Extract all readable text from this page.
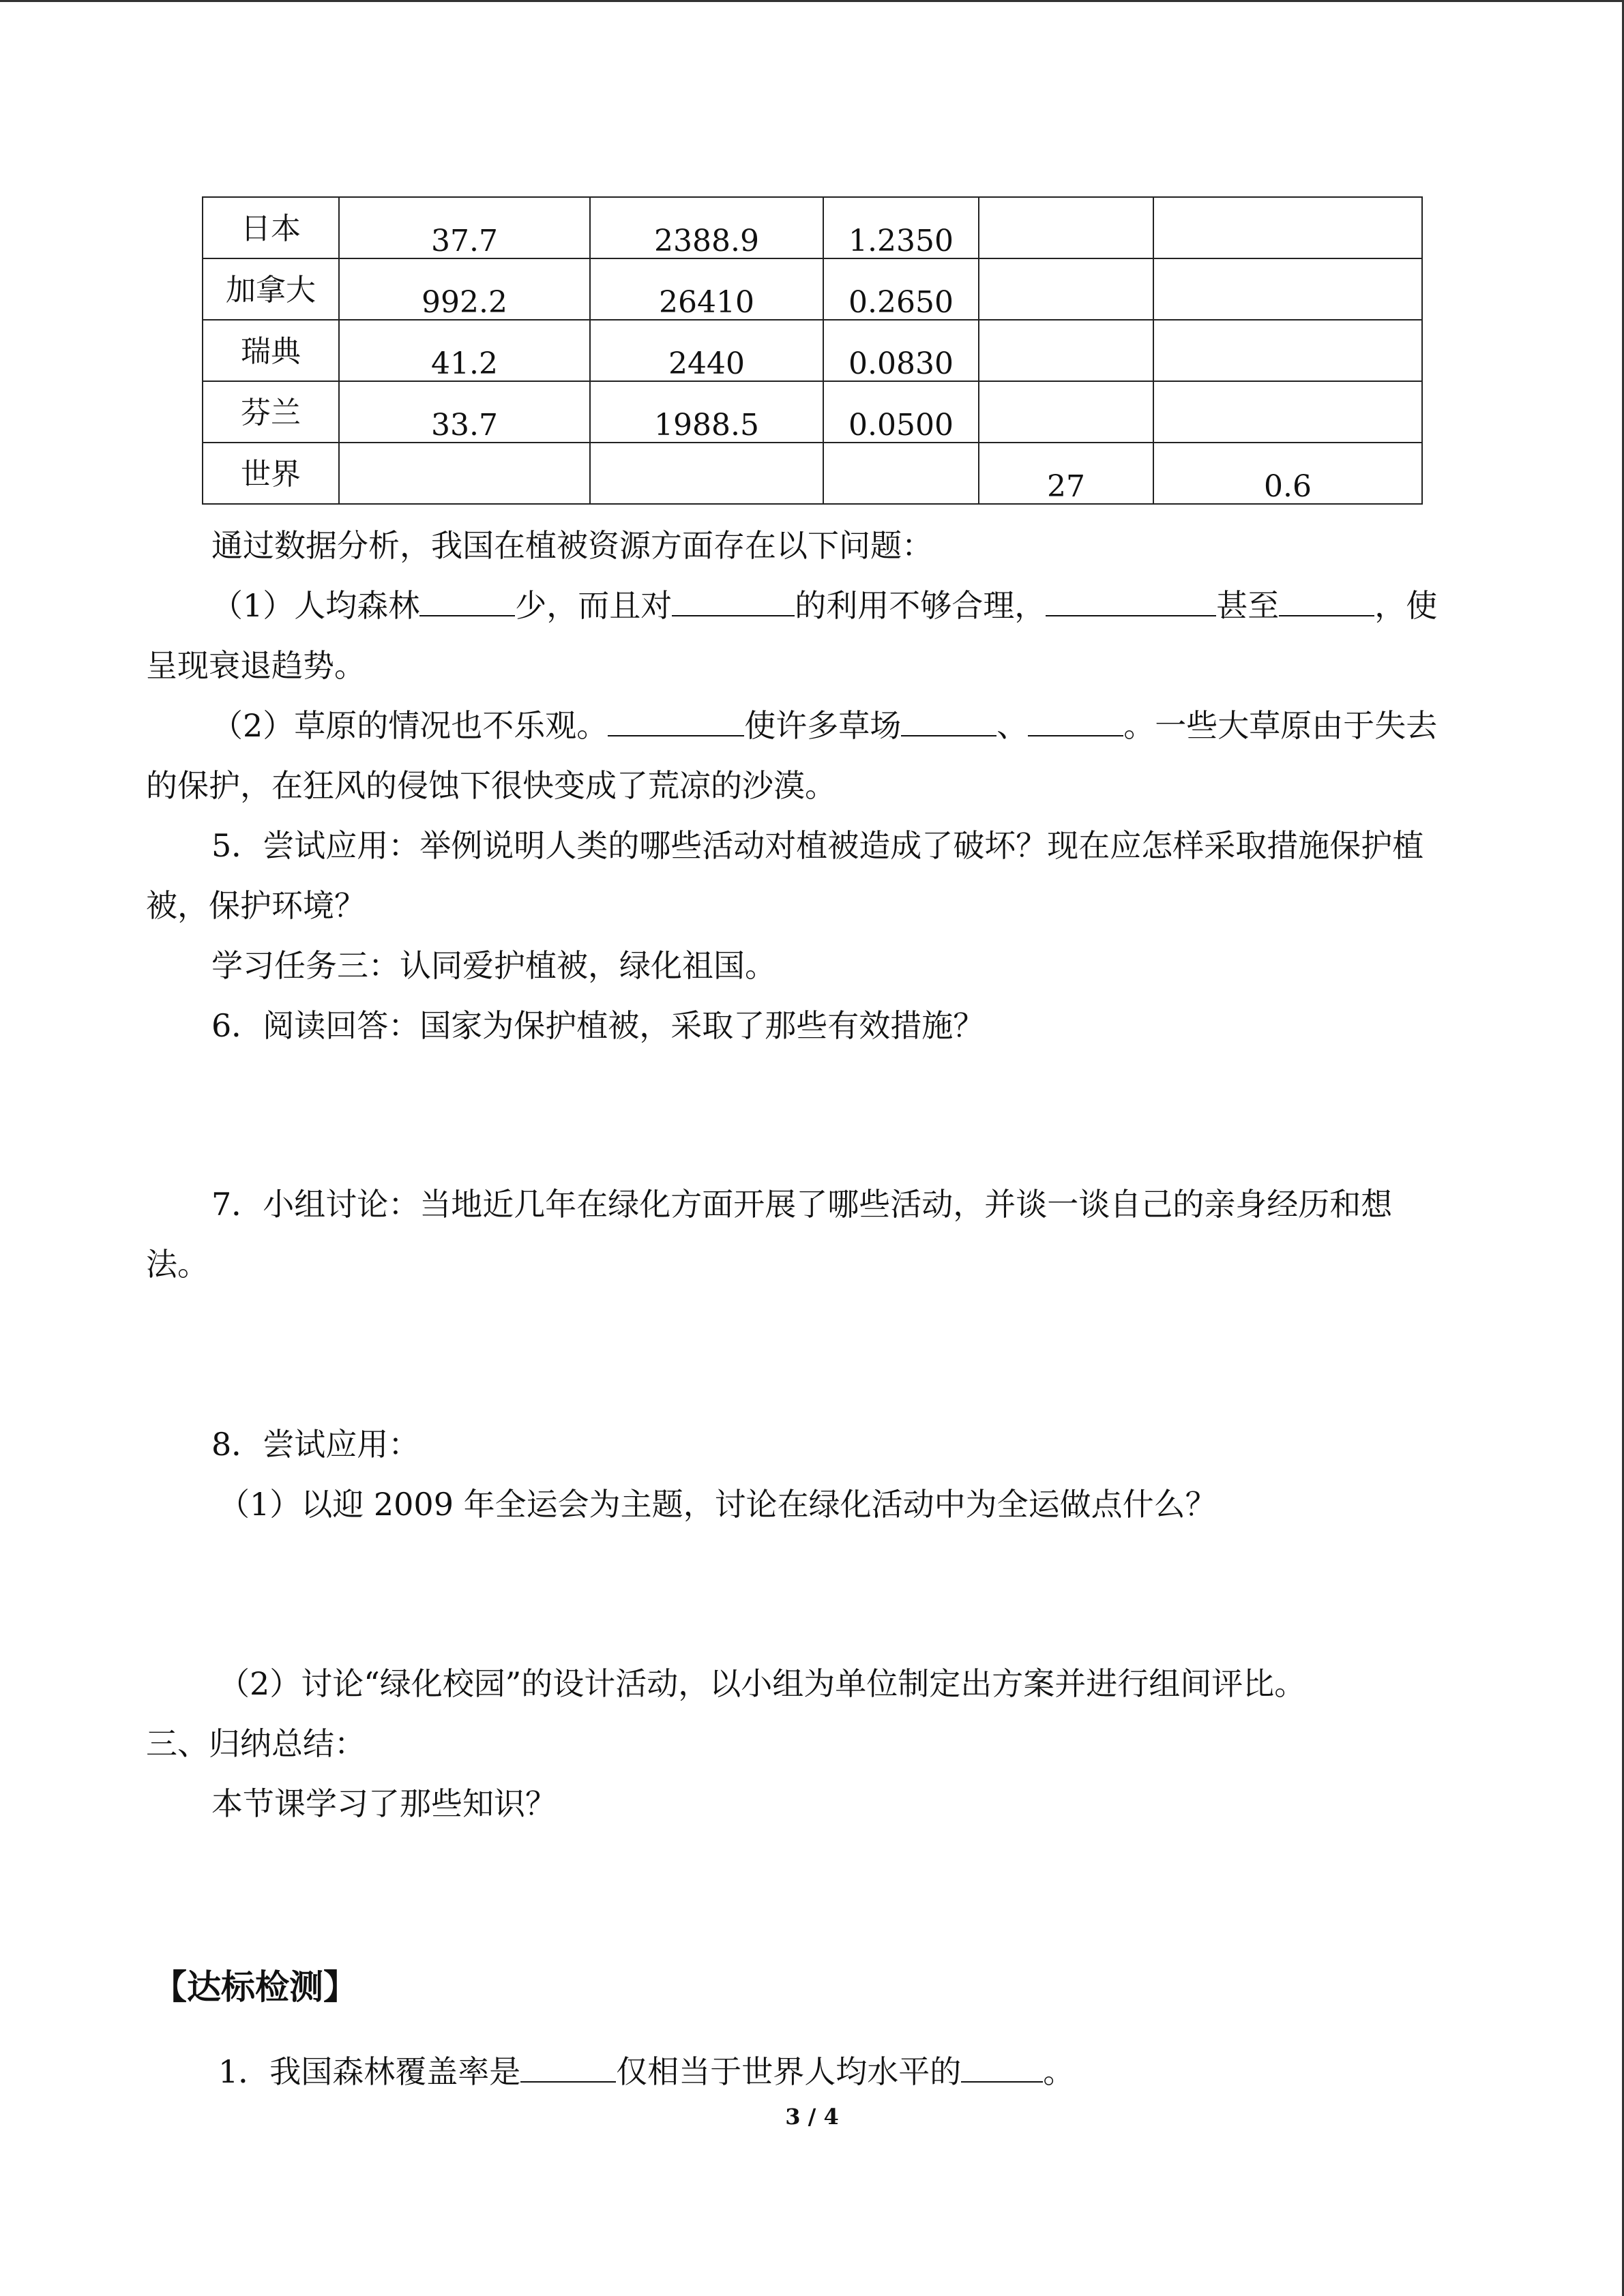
日本	37.7	2388.9	1.2350		

加拿大	992.2	26410	0.2650		

瑞典	41.2	2440	0.0830		

芬兰	33.7	1988.5	0.0500		

世界				27	0.6
通过数据分析，我国在植被资源方面存在以下问题：
（1）人均森林	少，而且对	的利用不够合理，	甚至	，使
呈现衰退趋势。
（2）草原的情况也不乐观。	使许多草场	、	。一些大草原由于失去
的保护，在狂风的侵蚀下很快变成了荒凉的沙漠。
5．尝试应用：举例说明人类的哪些活动对植被造成了破坏？现在应怎样采取措施保护植
被，保护环境？
学习任务三：认同爱护植被，绿化祖国。
6．阅读回答：国家为保护植被，采取了那些有效措施？
7．小组讨论：当地近几年在绿化方面开展了哪些活动，并谈一谈自己的亲身经历和想
法。
8．尝试应用：
（1）以迎 2009 年全运会为主题，讨论在绿化活动中为全运做点什么？
（2）讨论“绿化校园”的设计活动，以小组为单位制定出方案并进行组间评比。
三、归纳总结：
本节课学习了那些知识？
【达标检测】
1．我国森林覆盖率是	仅相当于世界人均水平的	。
3 / 4
